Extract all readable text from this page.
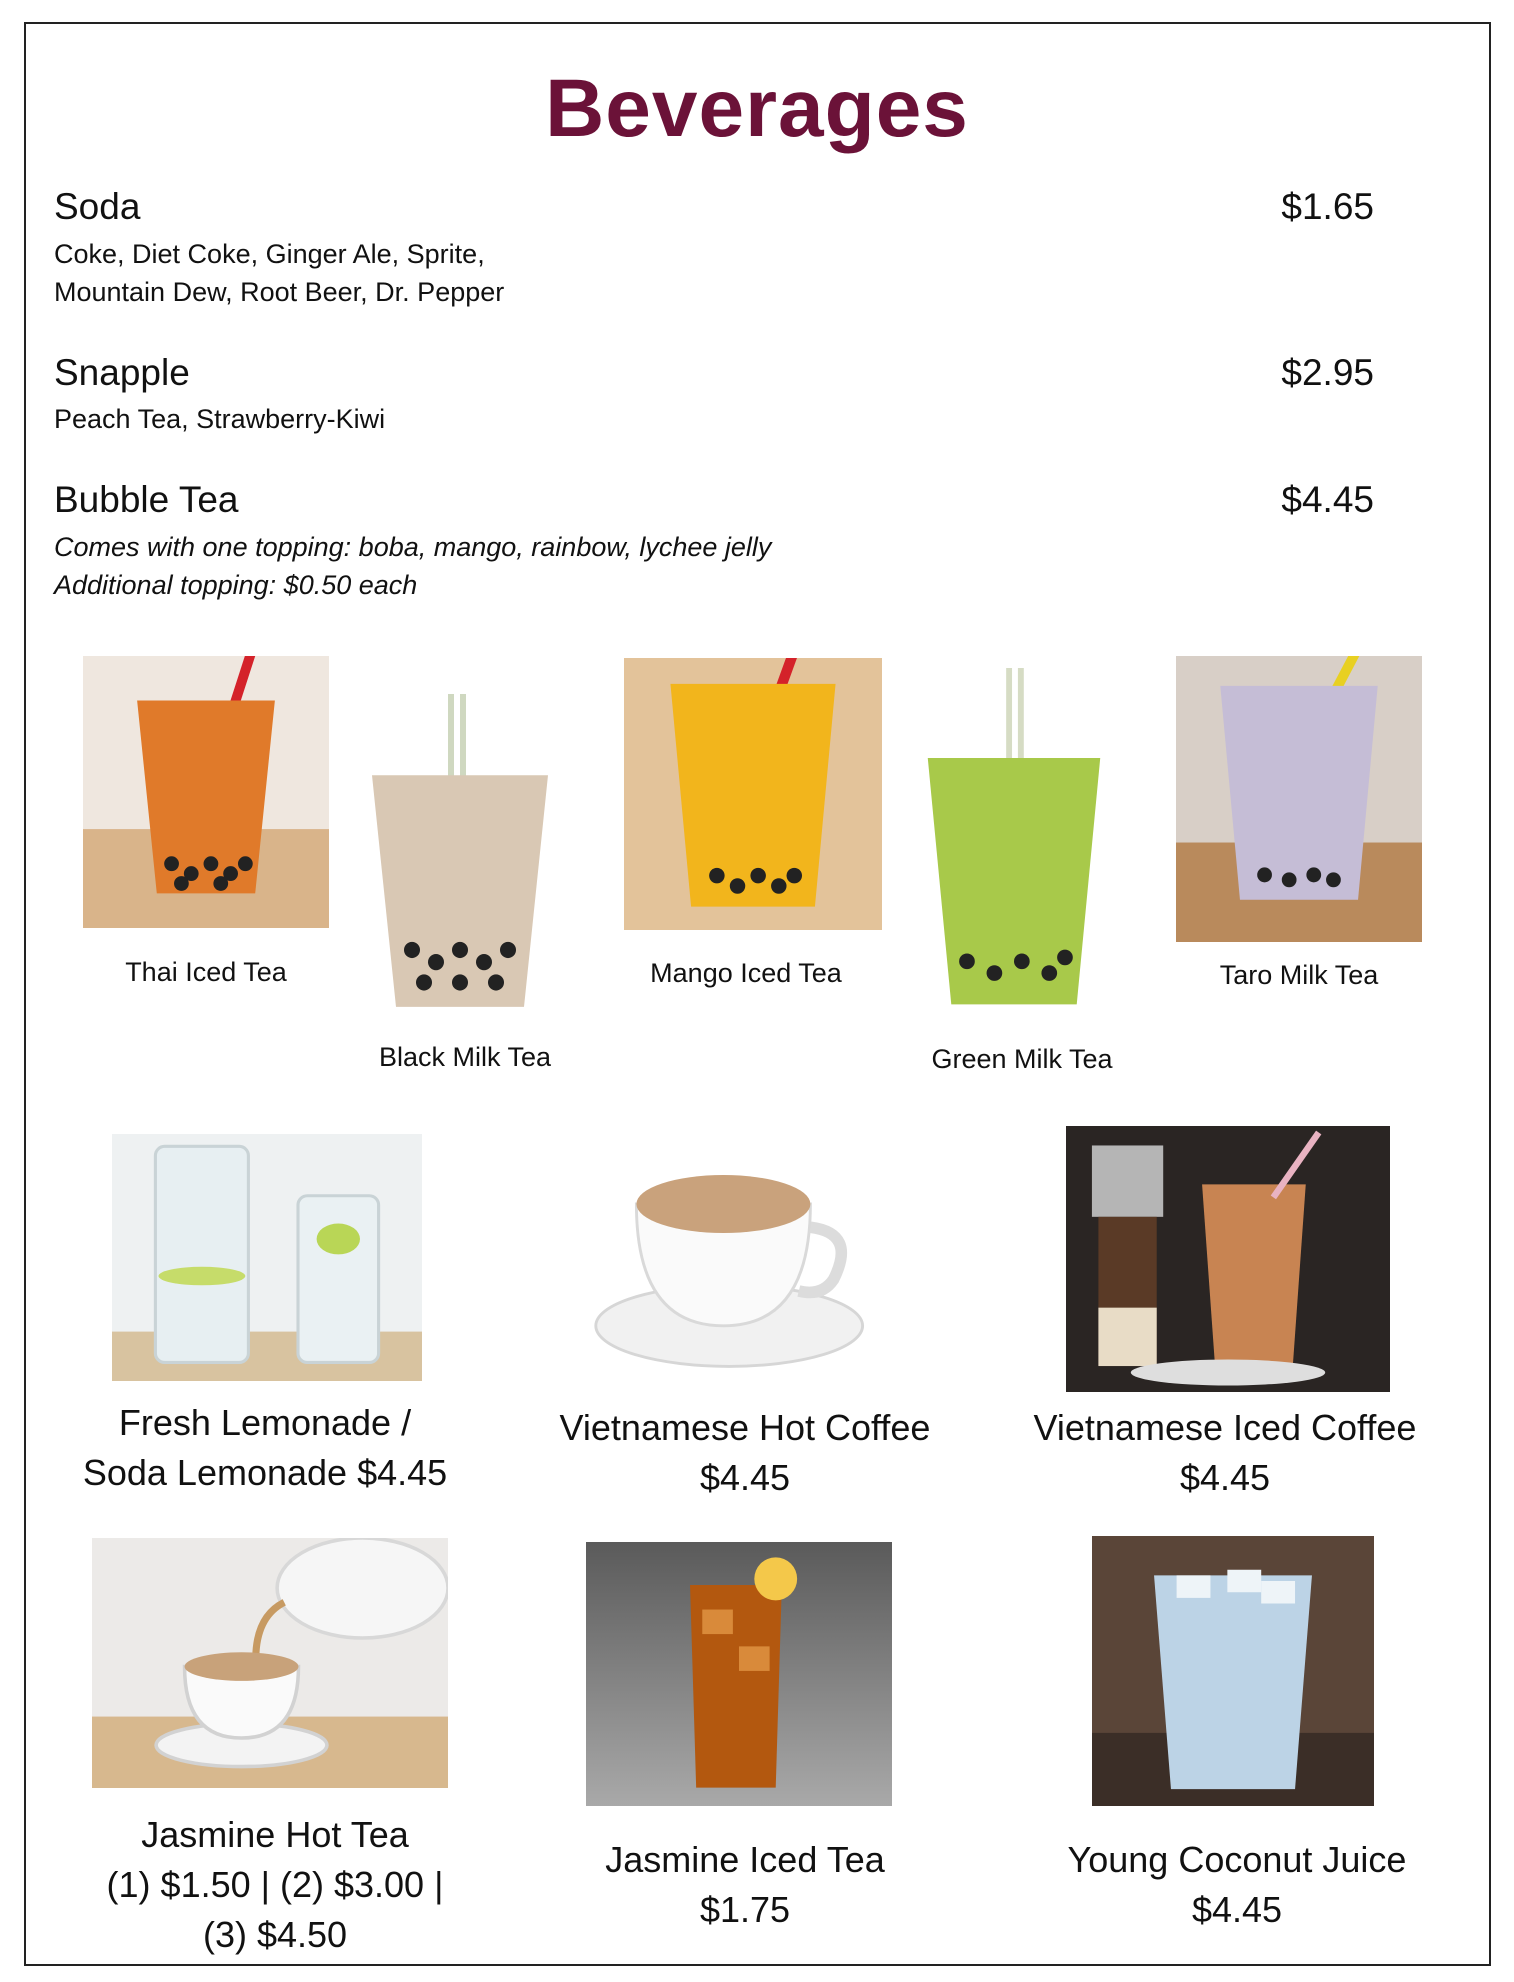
Beverages
Soda	$1.65
Coke, Diet Coke, Ginger Ale, Sprite,
Mountain Dew, Root Beer, Dr. Pepper
Snapple	$2.95
Peach Tea, Strawberry-Kiwi
Bubble Tea	$4.45
Comes with one topping: boba, mango, rainbow, lychee jelly
Additional topping: $0.50 each
Thai Iced Tea
Black Milk Tea
Mango Iced Tea
Green Milk Tea
Taro Milk Tea
Fresh Lemonade /
Soda Lemonade $4.45
Vietnamese Hot Coffee
$4.45
Vietnamese Iced Coffee
$4.45
Jasmine Hot Tea
(1) $1.50 | (2) $3.00 |
(3) $4.50
Jasmine Iced Tea
$1.75
Young Coconut Juice
$4.45
